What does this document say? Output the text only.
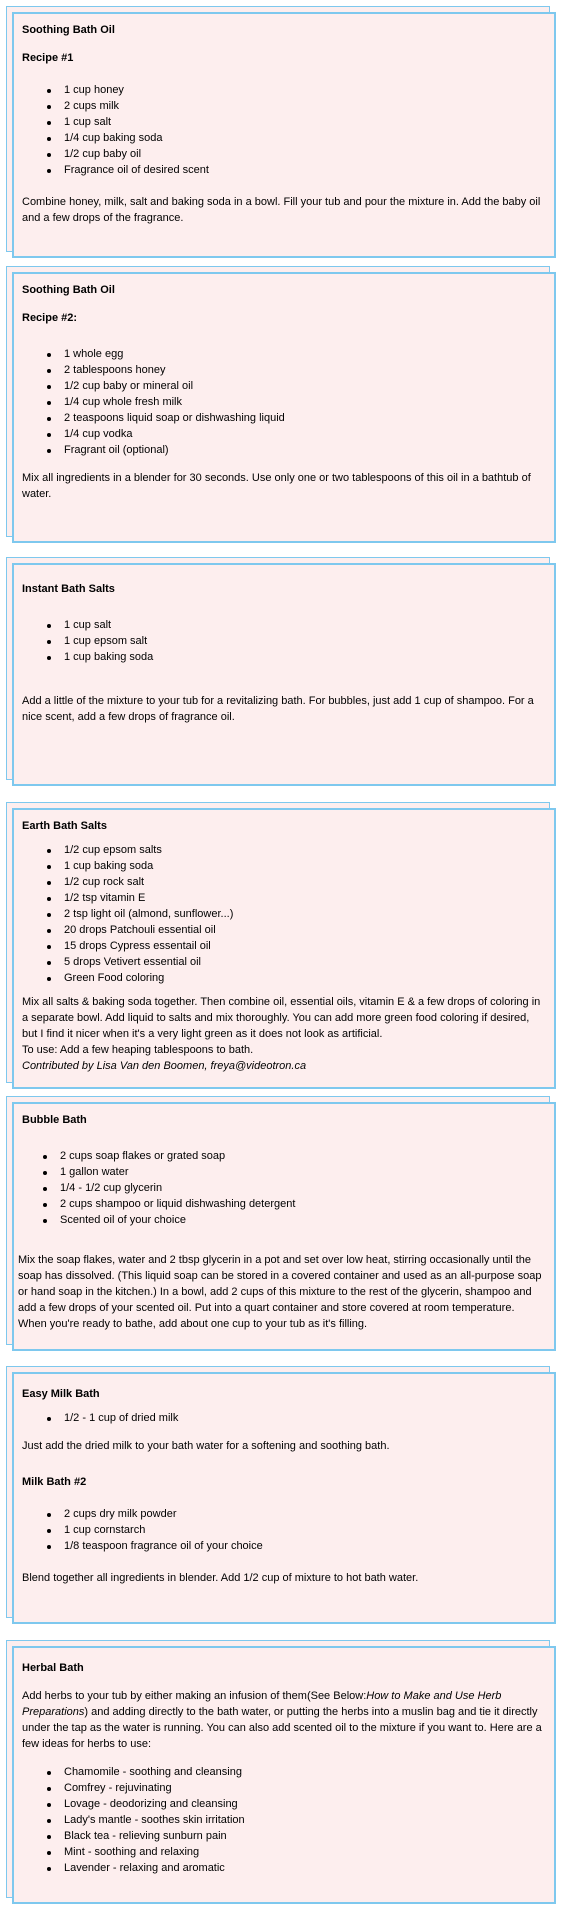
Soothing Bath Oil
Recipe #1
1 cup honey
2 cups milk
1 cup salt
1/4 cup baking soda
1/2 cup baby oil
Fragrance oil of desired scent

Combine honey, milk, salt and baking soda in a bowl. Fill your tub and pour the mixture in. Add the baby oil and a few drops of the fragrance.

Soothing Bath Oil
Recipe #2:
1 whole egg
2 tablespoons honey
1/2 cup baby or mineral oil
1/4 cup whole fresh milk
2 teaspoons liquid soap or dishwashing liquid
1/4 cup vodka
Fragrant oil (optional)

Mix all ingredients in a blender for 30 seconds. Use only one or two tablespoons of this oil in a bathtub of water.

Instant Bath Salts
1 cup salt
1 cup epsom salt
1 cup baking soda

Add a little of the mixture to your tub for a revitalizing bath. For bubbles, just add 1 cup of shampoo. For a nice scent, add a few drops of fragrance oil.

Earth Bath Salts
1/2 cup epsom salts
1 cup baking soda
1/2 cup rock salt
1/2 tsp vitamin E
2 tsp light oil (almond, sunflower...)
20 drops Patchouli essential oil
15 drops Cypress essentail oil
5 drops Vetivert essential oil
Green Food coloring

Mix all salts & baking soda together. Then combine oil, essential oils, vitamin E & a few drops of coloring in a separate bowl. Add liquid to salts and mix thoroughly. You can add more green food coloring if desired, but I find it nicer when it's a very light green as it does not look as artificial.

To use: Add a few heaping tablespoons to bath.

Contributed by Lisa Van den Boomen, freya@videotron.ca

Bubble Bath
2 cups soap flakes or grated soap
1 gallon water
1/4 - 1/2 cup glycerin
2 cups shampoo or liquid dishwashing detergent
Scented oil of your choice

Mix the soap flakes, water and 2 tbsp glycerin in a pot and set over low heat, stirring occasionally until the soap has dissolved. (This liquid soap can be stored in a covered container and used as an all-purpose soap or hand soap in the kitchen.) In a bowl, add 2 cups of this mixture to the rest of the glycerin, shampoo and add a few drops of your scented oil. Put into a quart container and store covered at room temperature. When you're ready to bathe, add about one cup to your tub as it's filling.

Easy Milk Bath
1/2 - 1 cup of dried milk

Just add the dried milk to your bath water for a softening and soothing bath.

Milk Bath #2
2 cups dry milk powder
1 cup cornstarch
1/8 teaspoon fragrance oil of your choice

Blend together all ingredients in blender. Add 1/2 cup of mixture to hot bath water.

Herbal Bath

Add herbs to your tub by either making an infusion of them(See Below:How to Make and Use Herb Preparations) and adding directly to the bath water, or putting the herbs into a muslin bag and tie it directly under the tap as the water is running. You can also add scented oil to the mixture if you want to. Here are a few ideas for herbs to use:

Chamomile - soothing and cleansing
Comfrey - rejuvinating
Lovage - deodorizing and cleansing
Lady's mantle - soothes skin irritation
Black tea - relieving sunburn pain
Mint - soothing and relaxing
Lavender - relaxing and aromatic
